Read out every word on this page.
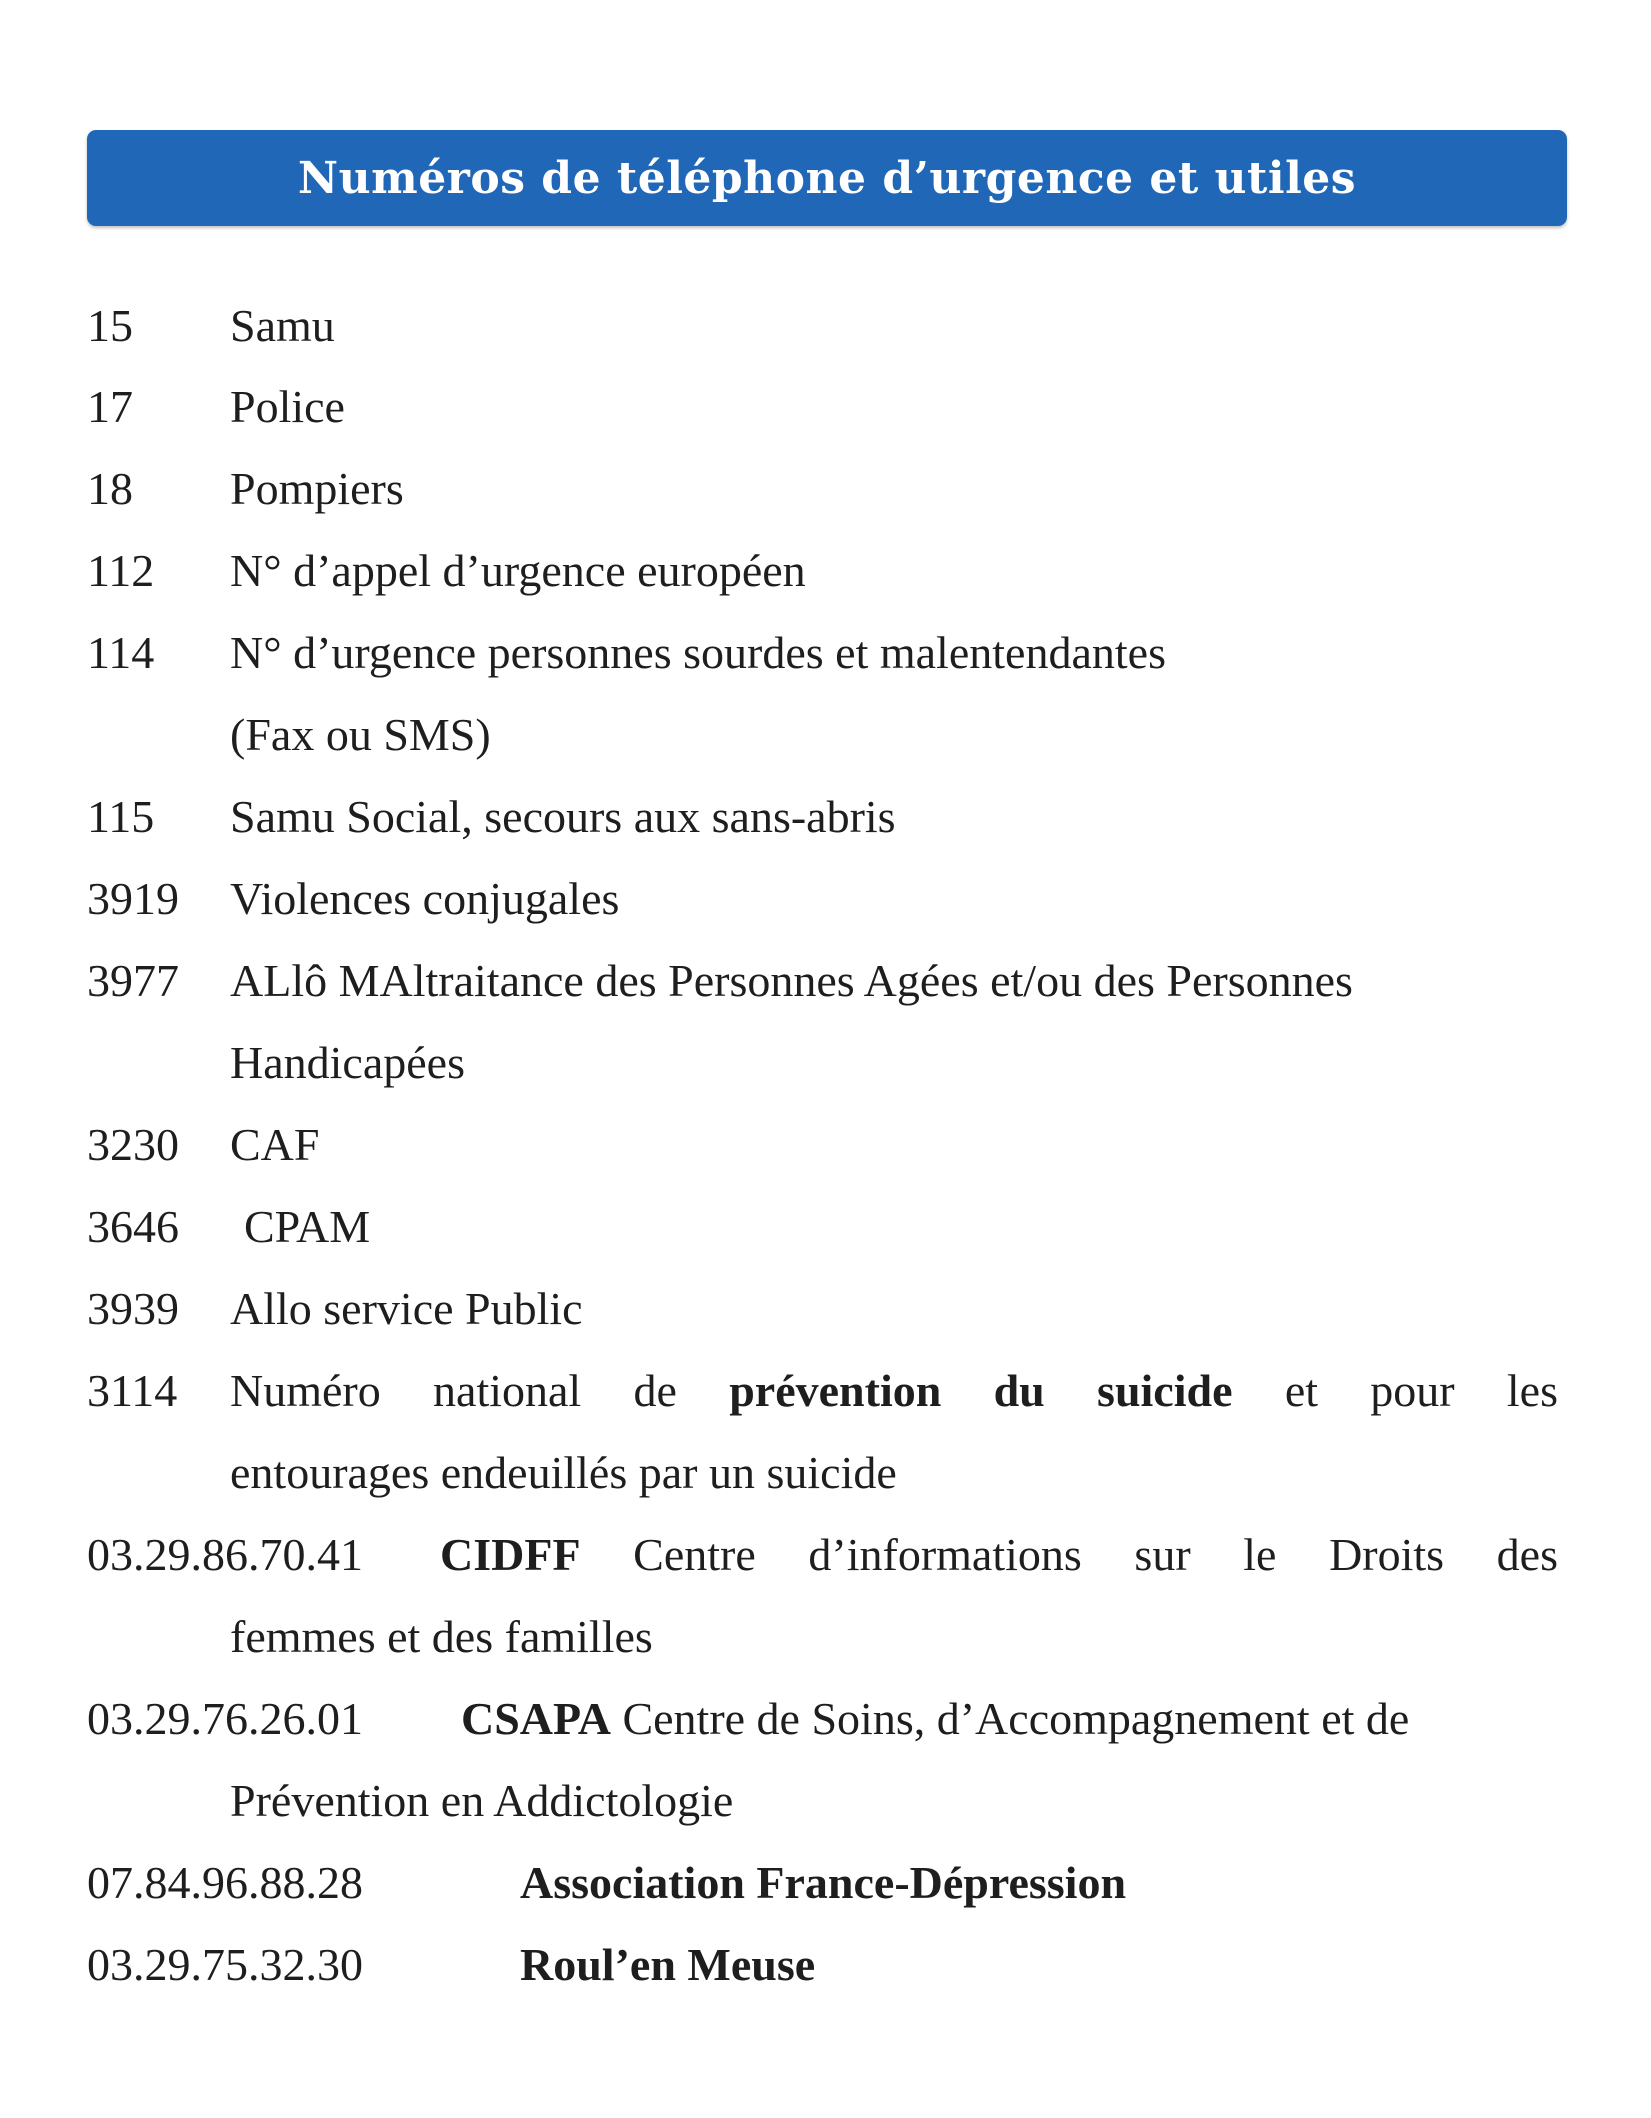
Numéros de téléphone d’urgence et utiles
15 Samu
17 Police
18 Pompiers
112 N° d’appel d’urgence européen
114 N° d’urgence personnes sourdes et malentendantes
(Fax ou SMS)
115 Samu Social, secours aux sans-abris
3919 Violences conjugales
3977 ALlô MAltraitance des Personnes Agées et/ou des Personnes
Handicapées
3230 CAF
3646 CPAM
3939 Allo service Public
3114 Numéro national de prévention du suicide et pour les
entourages endeuillés par un suicide
03.29.86.70.41 CIDFF Centre d’informations sur le Droits des
femmes et des familles
03.29.76.26.01 CSAPA Centre de Soins, d’Accompagnement et de
Prévention en Addictologie
07.84.96.88.28	Association France-Dépression
03.29.75.32.30	Roul’en Meuse
